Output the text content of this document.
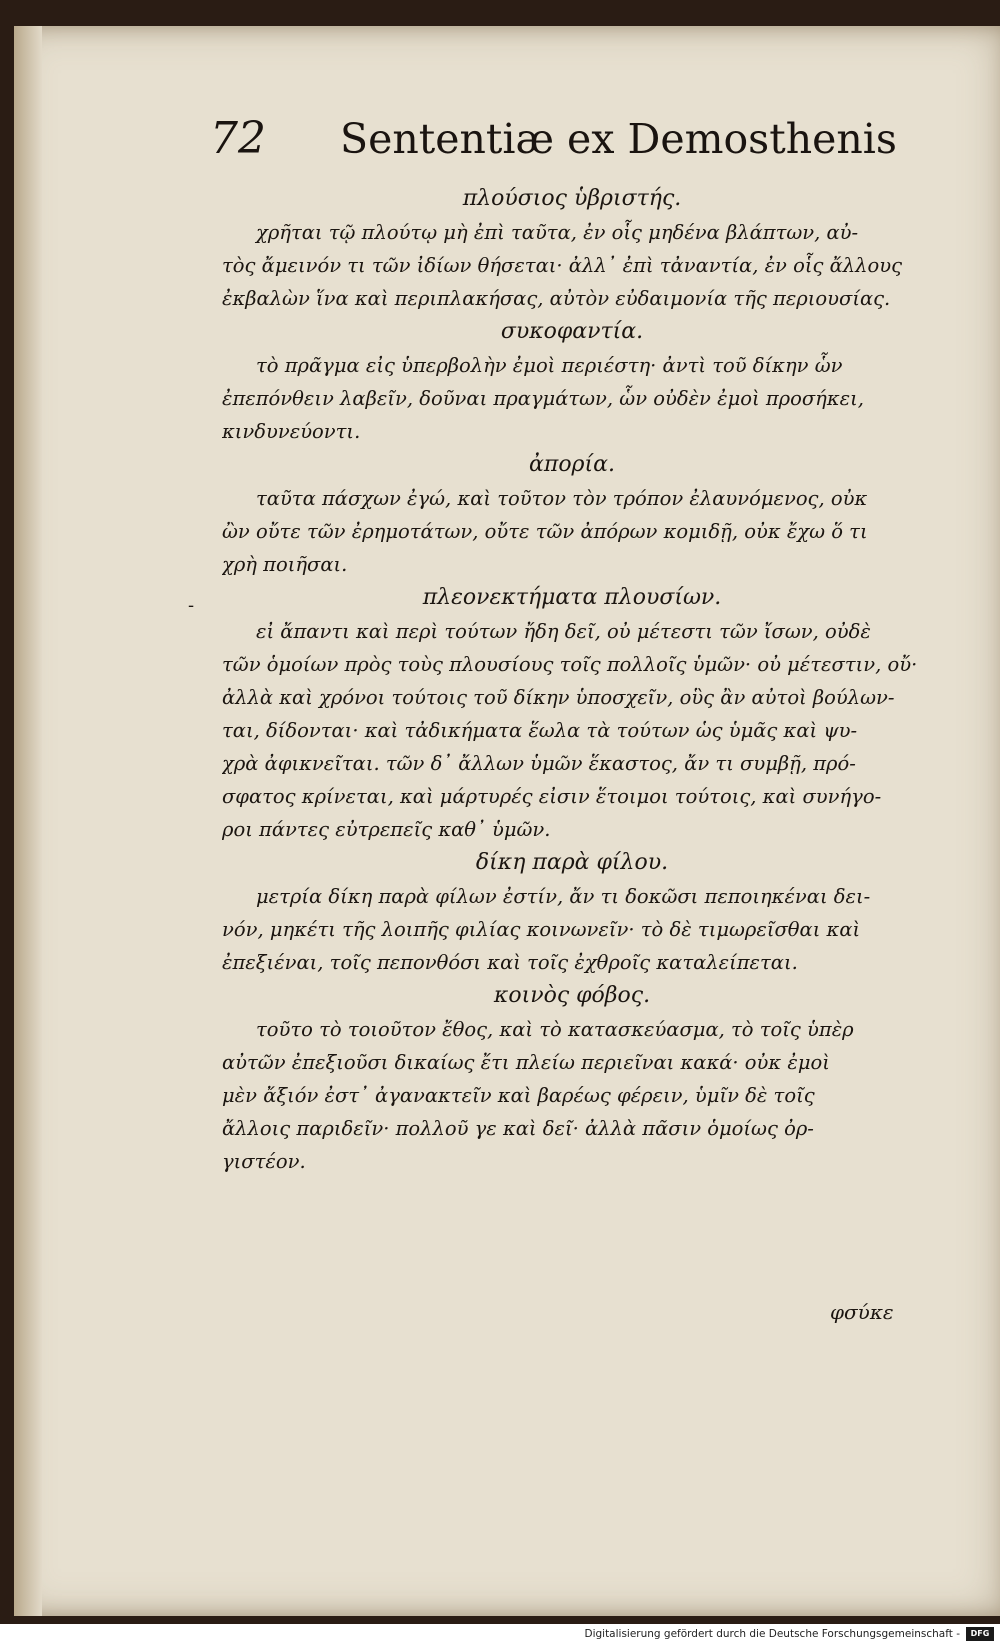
72 Sententiæ ex Demosthenis
-

πλούσιος ὑβριστής.

χρῆται τῷ πλούτῳ μὴ ἐπὶ ταῦτα, ἐν οἷς μηδένα βλάπτων, αὐ-
τὸς ἄμεινόν τι τῶν ἰδίων θήσεται· ἀλλ᾽ ἐπὶ τἀναντία, ἐν οἷς ἄλλους
ἐκβαλὼν ἵνα καὶ περιπλακήσας, αὐτὸν εὐδαιμονία τῆς περιουσίας.

συκοφαντία.

τὸ πρᾶγμα εἰς ὑπερβολὴν ἐμοὶ περιέστη· ἀντὶ τοῦ δίκην ὧν
ἐπεπόνθειν λαβεῖν, δοῦναι πραγμάτων, ὧν οὐδὲν ἐμοὶ προσήκει,
κινδυνεύοντι.

ἀπορία.

ταῦτα πάσχων ἐγώ, καὶ τοῦτον τὸν τρόπον ἐλαυνόμενος, οὐκ
ὢν οὔτε τῶν ἐρημοτάτων, οὔτε τῶν ἀπόρων κομιδῇ, οὐκ ἔχω ὅ τι
χρὴ ποιῆσαι.

πλεονεκτήματα πλουσίων.

εἰ ἄπαντι καὶ περὶ τούτων ἤδη δεῖ, οὐ μέτεστι τῶν ἴσων, οὐδὲ
τῶν ὁμοίων πρὸς τοὺς πλουσίους τοῖς πολλοῖς ὑμῶν· οὐ μέτεστιν, οὔ·
ἀλλὰ καὶ χρόνοι τούτοις τοῦ δίκην ὑποσχεῖν, οὓς ἂν αὐτοὶ βούλων-
ται, δίδονται· καὶ τἀδικήματα ἕωλα τὰ τούτων ὡς ὑμᾶς καὶ ψυ-
χρὰ ἀφικνεῖται. τῶν δ᾽ ἄλλων ὑμῶν ἕκαστος, ἄν τι συμβῇ, πρό-
σφατος κρίνεται, καὶ μάρτυρές εἰσιν ἕτοιμοι τούτοις, καὶ συνήγο-
ροι πάντες εὐτρεπεῖς καθ᾽ ὑμῶν.

δίκη παρὰ φίλου.

μετρία δίκη παρὰ φίλων ἐστίν, ἄν τι δοκῶσι πεποιηκέναι δει-
νόν, μηκέτι τῆς λοιπῆς φιλίας κοινωνεῖν· τὸ δὲ τιμωρεῖσθαι καὶ
ἐπεξιέναι, τοῖς πεπονθόσι καὶ τοῖς ἐχθροῖς καταλείπεται.

κοινὸς φόβος.

τοῦτο τὸ τοιοῦτον ἔθος, καὶ τὸ κατασκεύασμα, τὸ τοῖς ὑπὲρ
αὐτῶν ἐπεξιοῦσι δικαίως ἔτι πλείω περιεῖναι κακά· οὐκ ἐμοὶ
μὲν ἄξιόν ἐστ᾽ ἀγανακτεῖν καὶ βαρέως φέρειν, ὑμῖν δὲ τοῖς
ἄλλοις παριδεῖν· πολλοῦ γε καὶ δεῖ· ἀλλὰ πᾶσιν ὁμοίως ὀρ-
γιστέον.

φσύκε
Digitalisierung gefördert durch die Deutsche Forschungsgemeinschaft -	DFG
